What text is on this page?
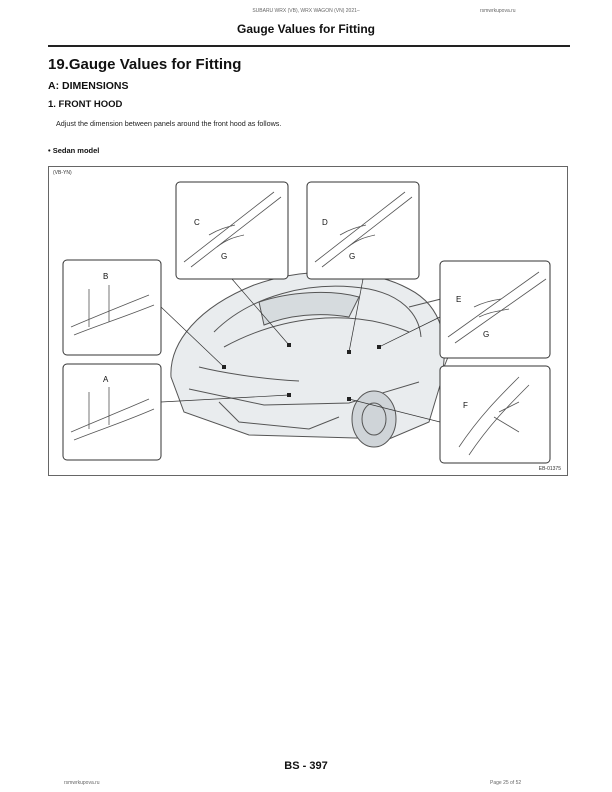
SUBARU WRX (VB), WRX WAGON (VN) 2021–	rsmwrkupova.ru
Gauge Values for Fitting
19.Gauge Values for Fitting
A: DIMENSIONS
1. FRONT HOOD
Adjust the dimension between panels around the front hood as follows.
• Sedan model
C
G
D
G
B
E
G
A
F
(VB-YN)
EB-01375
BS - 397
rsmwrkupova.ru	Page 25 of 52
